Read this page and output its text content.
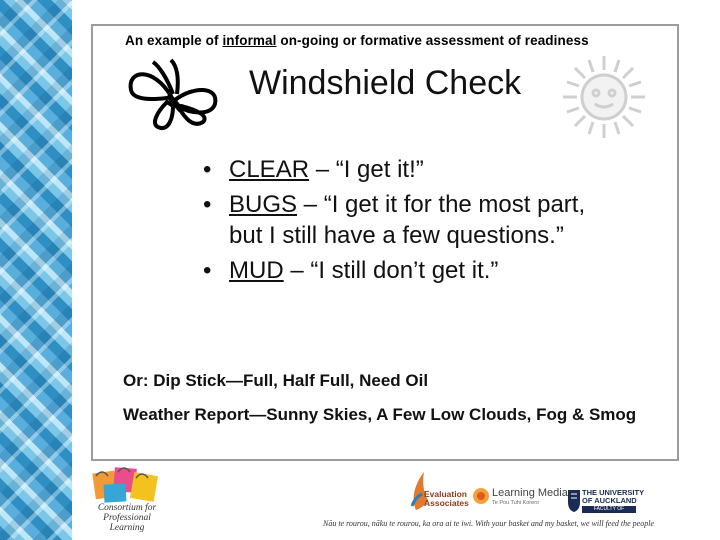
An example of informal on-going or formative assessment of readiness
Windshield Check
• CLEAR – “I get it!”
• BUGS – “I get it for the most part, but I still have a few questions.”
• MUD – “I still don’t get it.”
Or: Dip Stick—Full, Half Full, Need Oil
Weather Report—Sunny Skies, A Few Low Clouds, Fog & Smog
Consortium for
Professional
Learning
Evaluation
Associates
Learning Media
Te Pou Tuhi Korero
THE UNIVERSITY
OF AUCKLAND
FACULTY OF EDUCATION
Nāu te rourou, nāku te rourou, ka ora ai te iwi. With your basket and my basket, we will feed the people
